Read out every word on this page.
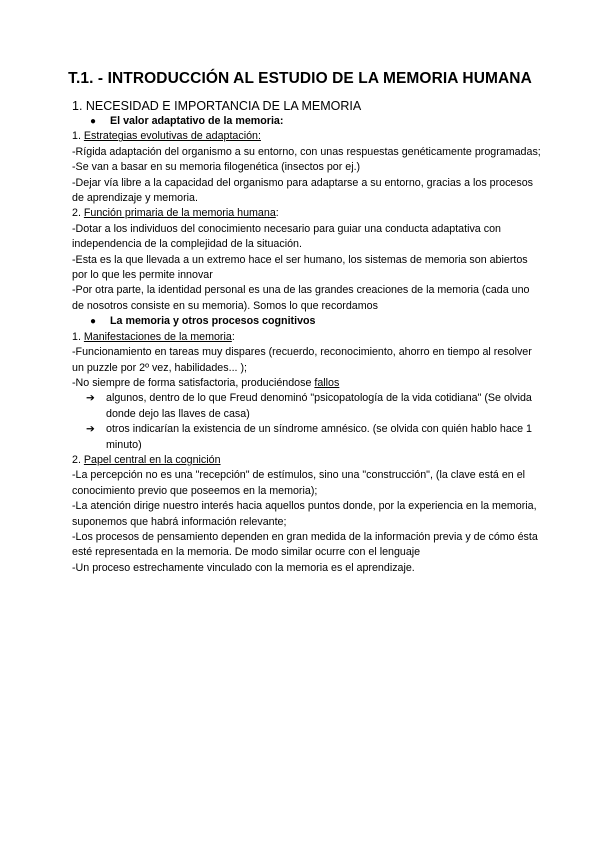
T.1. - INTRODUCCIÓN AL ESTUDIO DE LA MEMORIA HUMANA

1. NECESIDAD E IMPORTANCIA DE LA MEMORIA

● El valor adaptativo de la memoria:

1. Estrategias evolutivas de adaptación:

-Rígida adaptación del organismo a su entorno, con unas respuestas genéticamente programadas;

-Se van a basar en su memoria filogenética (insectos por ej.)

-Dejar vía libre a la capacidad del organismo para adaptarse a su entorno, gracias a los procesos de aprendizaje y memoria.

2. Función primaria de la memoria humana:

-Dotar a los individuos del conocimiento necesario para guiar una conducta adaptativa con independencia de la complejidad de la situación.

-Esta es la que llevada a un extremo hace el ser humano, los sistemas de memoria son abiertos por lo que les permite innovar

-Por otra parte, la identidad personal es una de las grandes creaciones de la memoria (cada uno de nosotros consiste en su memoria). Somos lo que recordamos

● La memoria y otros procesos cognitivos

1. Manifestaciones de la memoria:

-Funcionamiento en tareas muy dispares (recuerdo, reconocimiento, ahorro en tiempo al resolver un puzzle por 2º vez, habilidades... );

-No siempre de forma satisfactoria, produciéndose fallos

➔ algunos, dentro de lo que Freud denominó "psicopatología de la vida cotidiana" (Se olvida donde dejo las llaves de casa)

➔ otros indicarían la existencia de un síndrome amnésico. (se olvida con quién hablo hace 1 minuto)

2. Papel central en la cognición

-La percepción no es una "recepción" de estímulos, sino una "construcción", (la clave está en el conocimiento previo que poseemos en la memoria);

-La atención dirige nuestro interés hacia aquellos puntos donde, por la experiencia en la memoria, suponemos que habrá información relevante;

-Los procesos de pensamiento dependen en gran medida de la información previa y de cómo ésta esté representada en la memoria. De modo similar ocurre con el lenguaje

-Un proceso estrechamente vinculado con la memoria es el aprendizaje.
